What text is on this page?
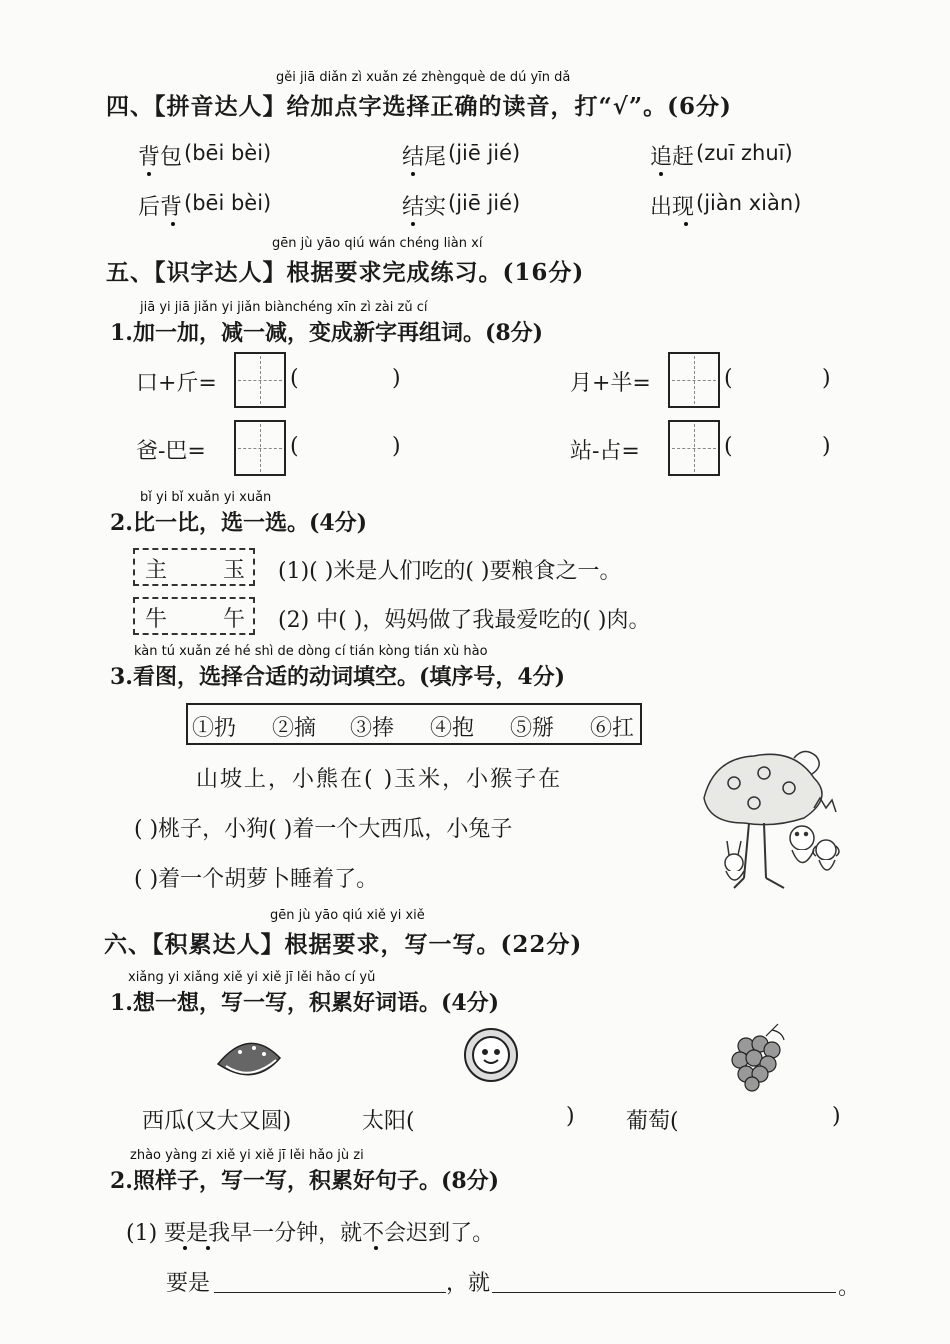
gěi jiā diǎn zì xuǎn zé zhèngquè de dú yīn dǎ
四、【拼音达人】给加点字选择正确的读音，打“√”。(6分)
背包 (bēi bèi)	结尾 (jiē jié)	追赶 (zuī zhuī)
后背 (bēi bèi)	结实 (jiē jié)	出现 (jiàn xiàn)
gēn jù yāo qiú wán chéng liàn xí
五、【识字达人】根据要求完成练习。(16分)
jiā yi jiā jiǎn yi jiǎn biànchéng xīn zì zài zǔ cí
1.加一加，减一减，变成新字再组词。(8分)
口+斤=	(	)	月+半=	(	)
爸-巴=	(	)	站-占=	(	)
bǐ yi bǐ xuǎn yi xuǎn
2.比一比，选一选。(4分)
主	玉 (1)( )米是人们吃的( )要粮食之一。
牛	午 (2) 中( )，妈妈做了我最爱吃的( )肉。
kàn tú xuǎn zé hé shì de dòng cí tián kòng tián xù hào
3.看图，选择合适的动词填空。(填序号，4分)
①扔 ②摘 ③捧 ④抱 ⑤掰 ⑥扛
山坡上，小熊在( )玉米，小猴子在
( )桃子，小狗( )着一个大西瓜，小兔子
( )着一个胡萝卜睡着了。
gēn jù yāo qiú xiě yi xiě
六、【积累达人】根据要求，写一写。(22分)
xiǎng yi xiǎng xiě yi xiě jī lěi hǎo cí yǔ
1.想一想，写一写，积累好词语。(4分)
西瓜(又大又圆)	太阳(	) 葡萄(	)
zhào yàng zi xiě yi xiě jī lěi hǎo jù zi
2.照样子，写一写，积累好句子。(8分)
(1) 要是我早一分钟，就不会迟到了。
要是	，就	。
